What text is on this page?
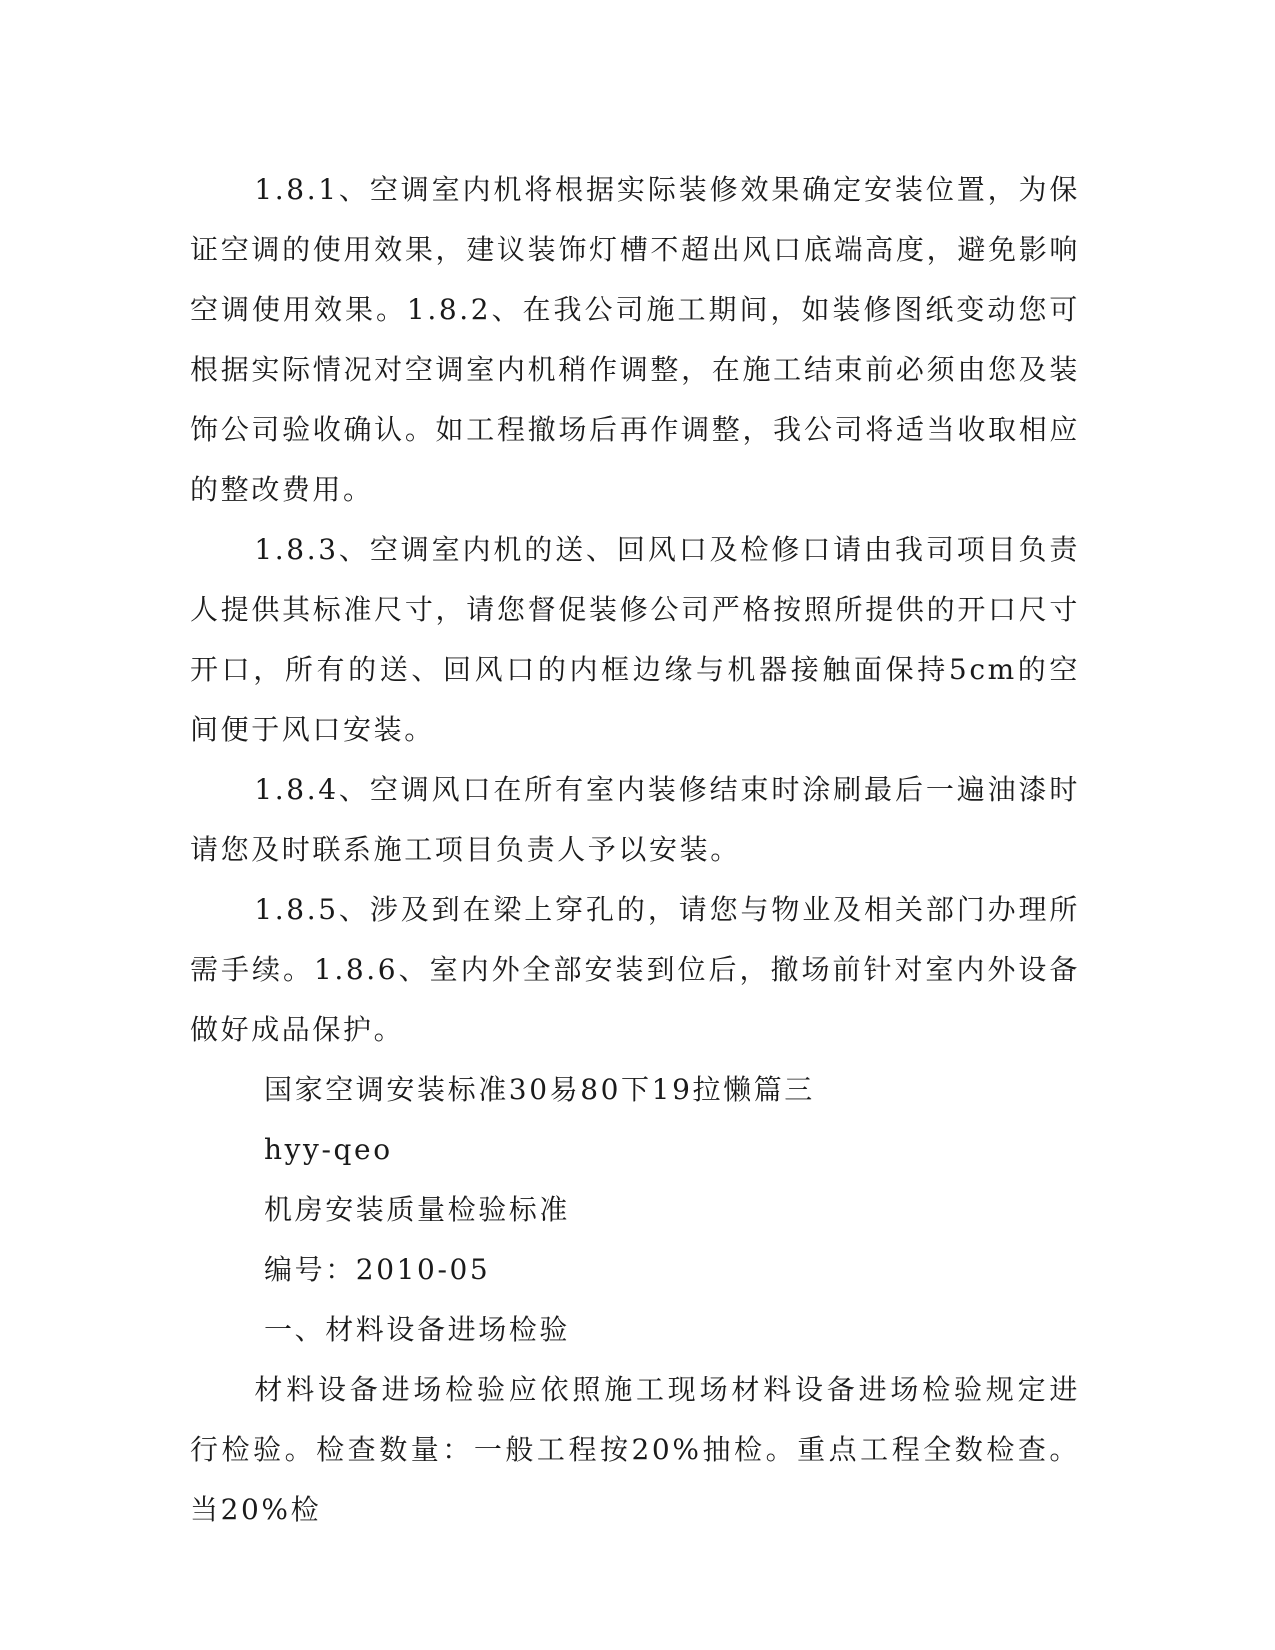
1.8.1、空调室内机将根据实际装修效果确定安装位置，为保证空调的使用效果，建议装饰灯槽不超出风口底端高度，避免影响空调使用效果。1.8.2、在我公司施工期间，如装修图纸变动您可根据实际情况对空调室内机稍作调整，在施工结束前必须由您及装饰公司验收确认。如工程撤场后再作调整，我公司将适当收取相应的整改费用。

1.8.3、空调室内机的送、回风口及检修口请由我司项目负责人提供其标准尺寸，请您督促装修公司严格按照所提供的开口尺寸开口，所有的送、回风口的内框边缘与机器接触面保持5cm的空间便于风口安装。

1.8.4、空调风口在所有室内装修结束时涂刷最后一遍油漆时请您及时联系施工项目负责人予以安装。

1.8.5、涉及到在梁上穿孔的，请您与物业及相关部门办理所需手续。1.8.6、室内外全部安装到位后，撤场前针对室内外设备做好成品保护。

国家空调安装标准30易80下19拉懒篇三

hyy-qeo

机房安装质量检验标准

编号：2010-05

一、材料设备进场检验

材料设备进场检验应依照施工现场材料设备进场检验规定进行检验。检查数量：一般工程按20%抽检。重点工程全数检查。当20%检
